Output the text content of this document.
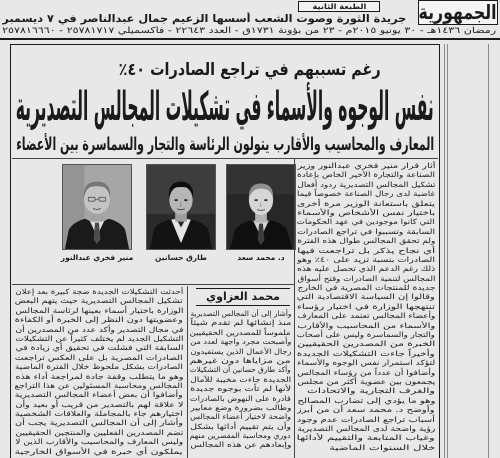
الجمهورية
الطبعة الثانية
جريدة الثورة وصوت الشعب أسسها الزعيم جمال عبدالناصر في ٧ ديسمبر
رمضان ١٤٣٦هـ - ٣٠ يونيو ٢٠١٥م - ٢٣ من بؤونة ١٧٣١ق - العدد ٢٢٦٤٣ - فاكسميلي ٢٥٧٨١٧١٧ - ٢٥٧٨١٦٦٦٠
رغم تسببهم في تراجع الصادرات ٤٠٪
نفس الوجوه والأسماء في تشكيلات المجالس التصديرية
المعارف والمحاسيب والأقارب يتولون الرئاسة والتجار والسماسرة بين الأعضاء
د. محمد سعد
طارق حسانين
منير فخري عبدالنور
محمد العزاوي
أثار قرار منير فخري عبدالنور وزير
الصناعة والتجارة الأخير الخاص بإعادة
تشكيل المجالس التصديرية ردود أفعال
غاضبة لدى رجال الصناعة خصوصاً فيما
يتعلق باستعانة الوزير مرة أخرى
باختيار نفس الأشخاص والأسماء
التي كانوا موجودين في عهد الحكومات
السابقة وتسببوا في تراجع الصادرات
ولم تحقق المجالس طوال هذه الفترة
أي نجاح يذكر بل تراجعت فيها
الصادرات بنسبة تزيد على ٤٠٪ وهو
ذلك رغم الدعم الذي تحصل عليه هذه
المجالس لتنمية الصادرات وفتح أسواق
جديدة للمنتجات المصرية في الخارج
وقالوا إن السياسة الاقتصادية التي
تنتهجها الوزارة في اختيار رؤساء
وأعضاء المجالس تعتمد على المعارف
والأسماء من المحاسيب والأقارب
والتجار والسماسرة وليس على أصحاب
الخبرة من المصدرين الحقيقيين
وأخيراً جاءت التشكيلات الجديدة
لتؤكد استمرار نفس الوجوه والأسماء
وأضافوا أن عدداً من رؤساء المجالس
يجمعون بين عضوية أكثر من مجلس
والغرف التجارية والاتحادات
وهو ما يؤدي إلى تضارب المصالح
وأوضح د. محمد سعد أن من أبرز
أسباب تراجع الصادرات عدم وجود
رؤية واضحة لدى المجالس التصديرية
وغياب المتابعة والتقييم لأدائها
خلال السنوات الماضية
وأشار إلى أن المجالس التصديرية
منذ إنشائها لم تقدم شيئاً
ملموساً للمصدرين الحقيقيين
وأصبحت مجرد واجهة لعدد من
رجال الأعمال الذين يستفيدون
من مزاياها دون غيرهم
وأكد طارق حسانين أن التشكيلات
الجديدة جاءت مخيبة للآمال
لأنها لم تأت بوجوه جديدة
قادرة على النهوض بالصادرات
وطالب بضرورة وضع معايير
واضحة لاختيار أعضاء المجالس
وأن يتم تقييم أدائها بشكل
دوري ومحاسبة المقصرين منهم
وإبعادهم عن هذه المجالس
أحدثت التشكيلات الجديدة ضجة كبيرة بعد إعلان
تشكيل المجالس التصديرية حيث يتهم البعض
الوزارة باختيار أسماء بعينها لرئاسة المجالس
وعضويتها دون النظر إلى الخبرة أو الكفاءة
في مجال التصدير وأكد عدد من المصدرين أن
التشكيل الجديد لم يختلف كثيراً عن التشكيلات
السابقة التي فشلت في تحقيق أي زيادة في
الصادرات المصرية بل على العكس تراجعت
الصادرات بشكل ملحوظ خلال الفترة الماضية
وهو ما يتطلب وقفة جادة لمراجعة أداء هذه
المجالس ومحاسبة المسئولين عن هذا التراجع
وأضافوا أن بعض أعضاء المجالس التصديرية
لا علاقة لهم بالتصدير من قريب أو بعيد وأن
اختيارهم جاء بالمجاملة والعلاقات الشخصية
وأشار إلى أن المجالس التصديرية يجب أن
تضم المصدرين الفعليين والمنتجين الحقيقيين
وليس المعارف والمحاسيب والأقارب الذين لا
يملكون أي خبرة في الأسواق الخارجية
